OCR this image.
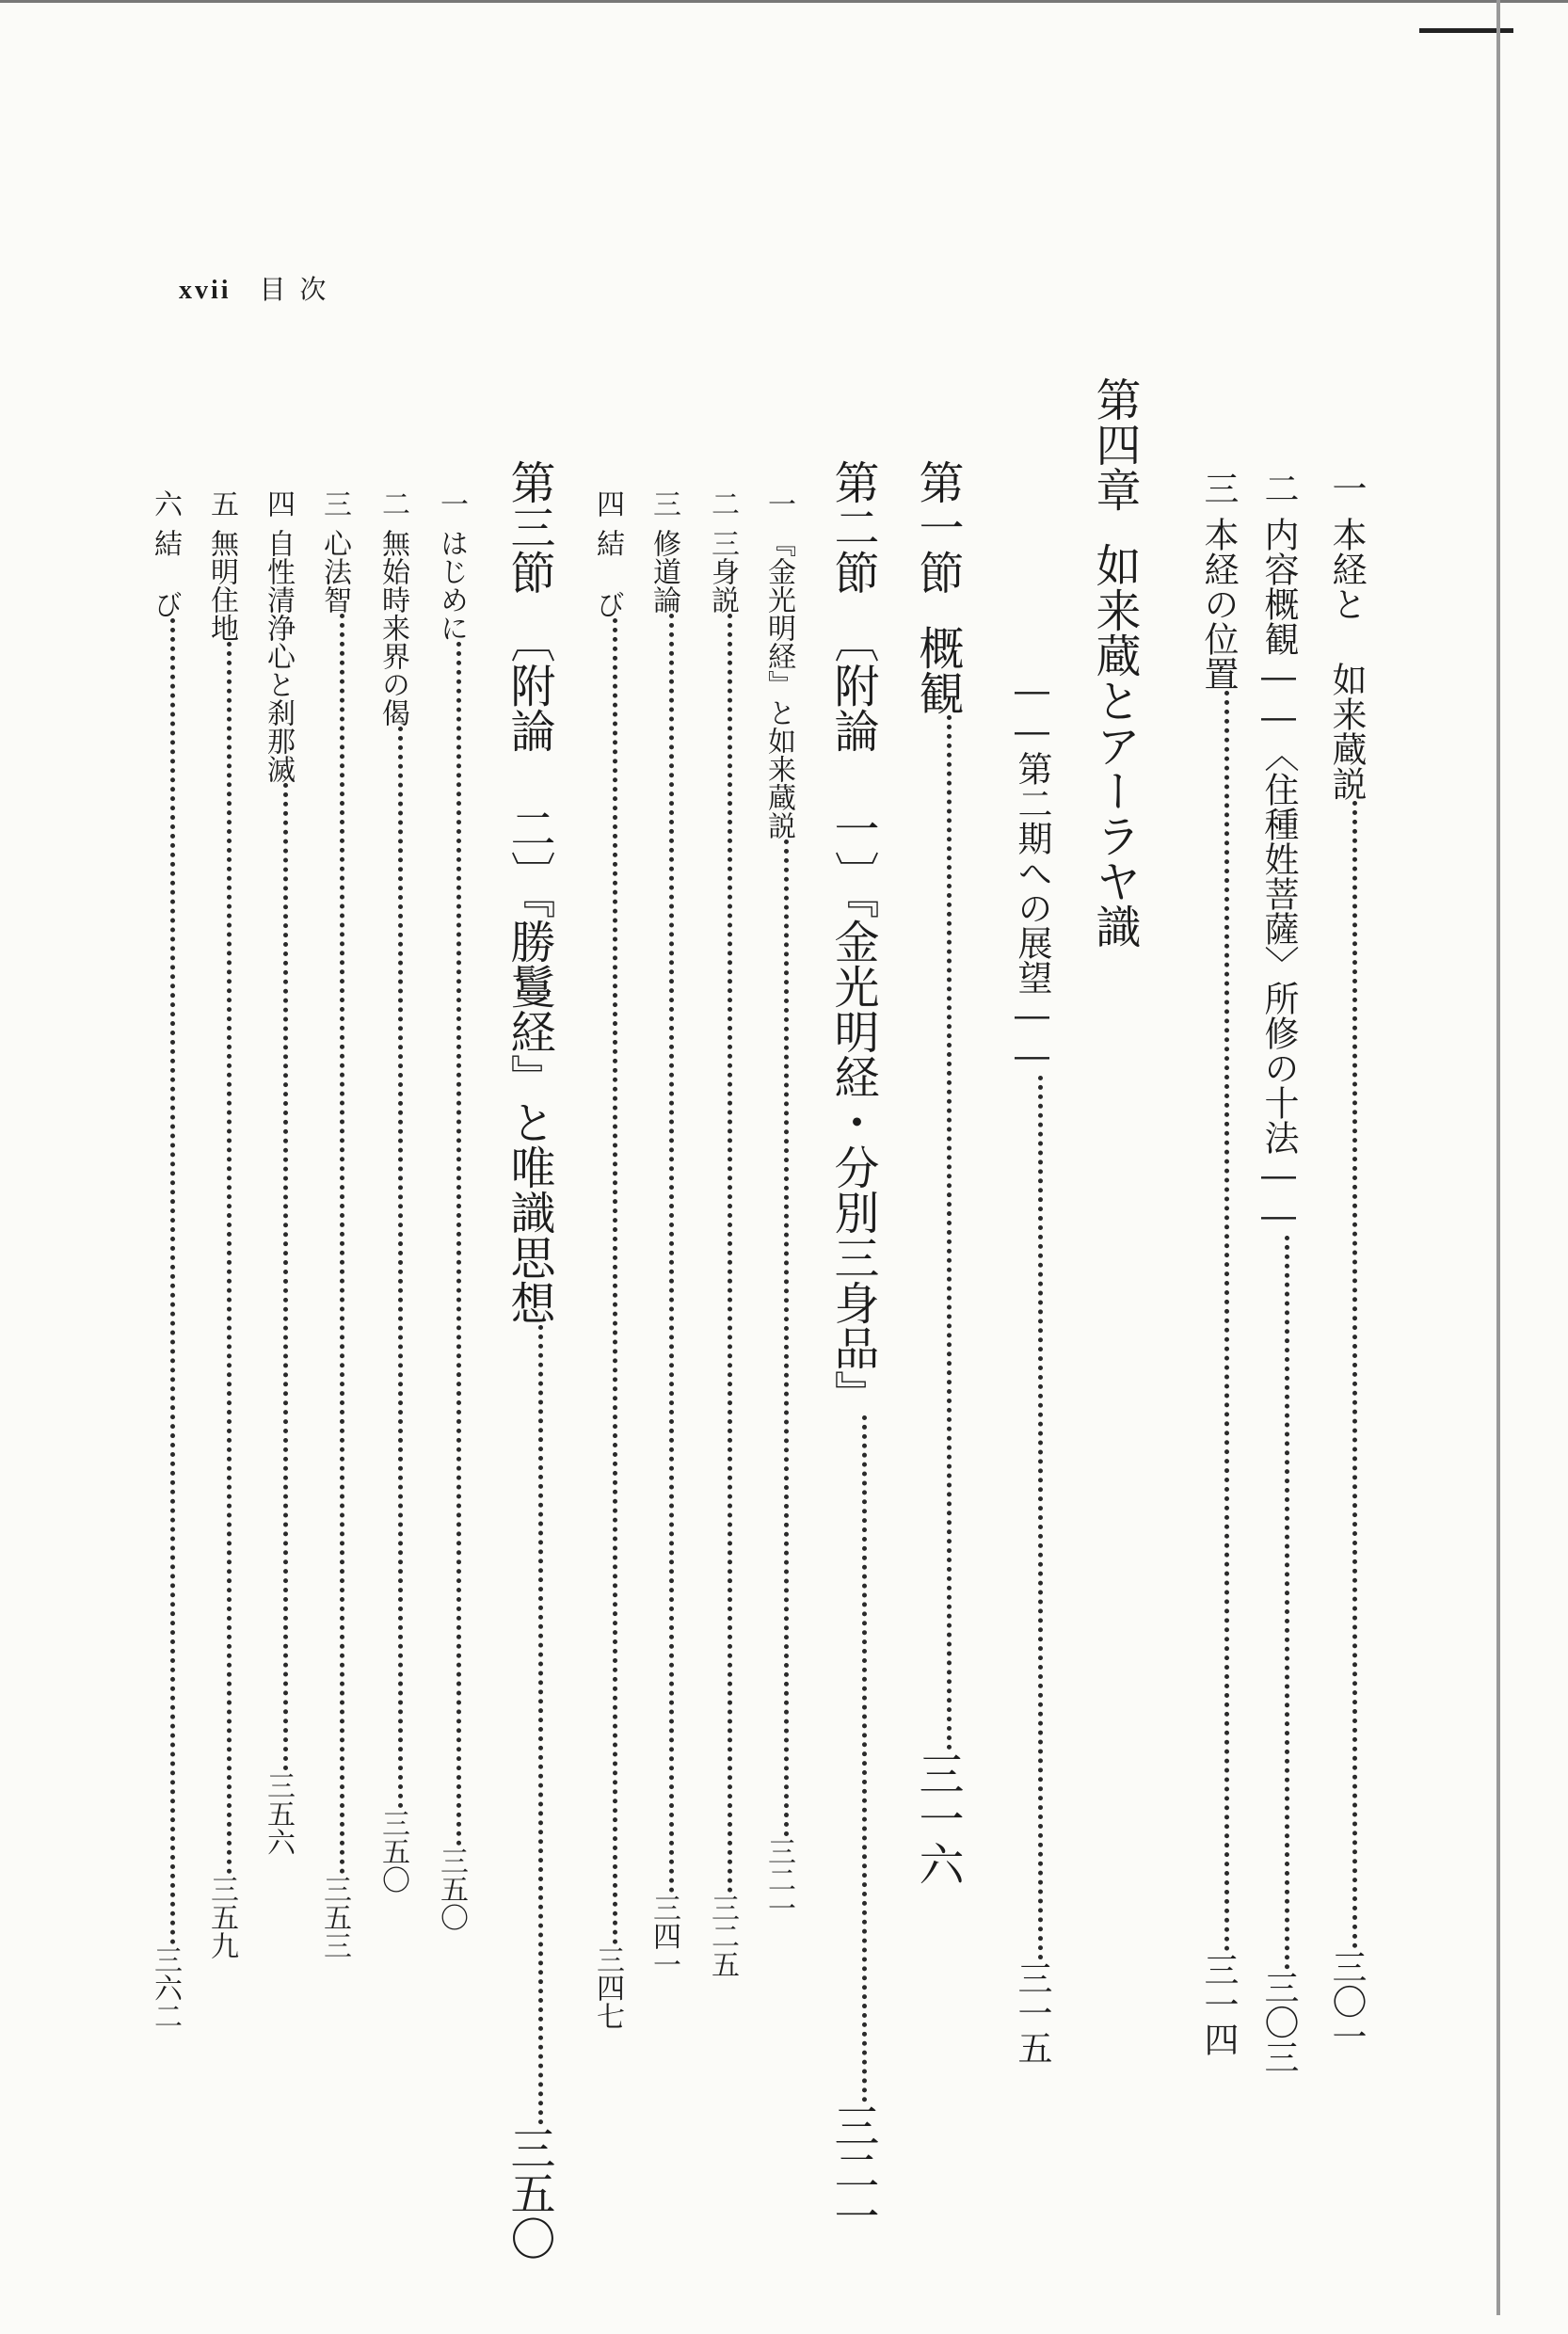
xvii 目 次
一本経と 如来蔵説三〇一
二内容概観――〈住種姓菩薩〉所修の十法――三〇三
三本経の位置三一四
第四章如来蔵とアーラヤ識
――第二期への展望――三一五
第一節概観三一六
第二節〔附論 一〕『金光明経・分別三身品』三二一
一『金光明経』と如来蔵説三二一
二三身説三二五
三修道論三四一
四結 び三四七
第三節〔附論 二〕『勝鬘経』と唯識思想三五〇
一はじめに三五〇
二無始時来界の偈三五〇
三心法智三五三
四自性清浄心と刹那滅三五六
五無明住地三五九
六結 び三六二
